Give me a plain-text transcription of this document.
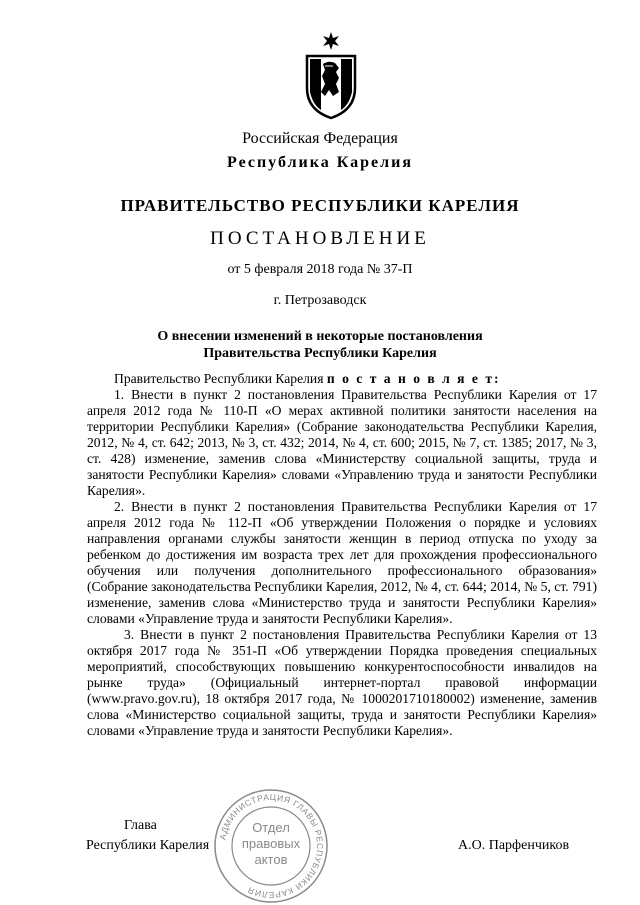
Российская Федерация
Республика Карелия
ПРАВИТЕЛЬСТВО РЕСПУБЛИКИ КАРЕЛИЯ
ПОСТАНОВЛЕНИЕ
от 5 февраля 2018 года № 37-П
г. Петрозаводск
О внесении изменений в некоторые постановления
Правительства Республики Карелия

Правительство Республики Карелия п о с т а н о в л я е т:

1. Внести в пункт 2 постановления Правительства Республики Карелия от 17 апреля 2012 года № 110-П «О мерах активной политики занятости населения на территории Республики Карелия» (Собрание законодательства Республики Карелия, 2012, № 4, ст. 642; 2013, № 3, ст. 432; 2014, № 4, ст. 600; 2015, № 7, ст. 1385; 2017, № 3, ст. 428) изменение, заменив слова «Министерству социальной защиты, труда и занятости Республики Карелия» словами «Управлению труда и занятости Республики Карелия».

2. Внести в пункт 2 постановления Правительства Республики Карелия от 17 апреля 2012 года № 112-П «Об утверждении Положения о порядке и условиях направления органами службы занятости женщин в период отпуска по уходу за ребенком до достижения им возраста трех лет для прохождения профессионального обучения или получения дополнительного профессионального образования» (Собрание законодательства Республики Карелия, 2012, № 4, ст. 644; 2014, № 5, ст. 791) изменение, заменив слова «Министерство труда и занятости Республики Карелия» словами «Управление труда и занятости Республики Карелия».

3. Внести в пункт 2 постановления Правительства Республики Карелия от 13 октября 2017 года № 351-П «Об утверждении Порядка проведения специальных мероприятий, способствующих повышению конкурентоспособности инвалидов на рынке труда» (Официальный интернет-портал правовой информации (www.pravo.gov.ru), 18 октября 2017 года, № 1000201710180002) изменение, заменив слова «Министерство социальной защиты, труда и занятости Республики Карелия» словами «Управление труда и занятости Республики Карелия».

Глава
Республики Карелия	А.О. Парфенчиков
АДМИНИСТРАЦИЯ ГЛАВЫ РЕСПУБЛИКИ КАРЕЛИЯ
Отдел
правовых
актов
